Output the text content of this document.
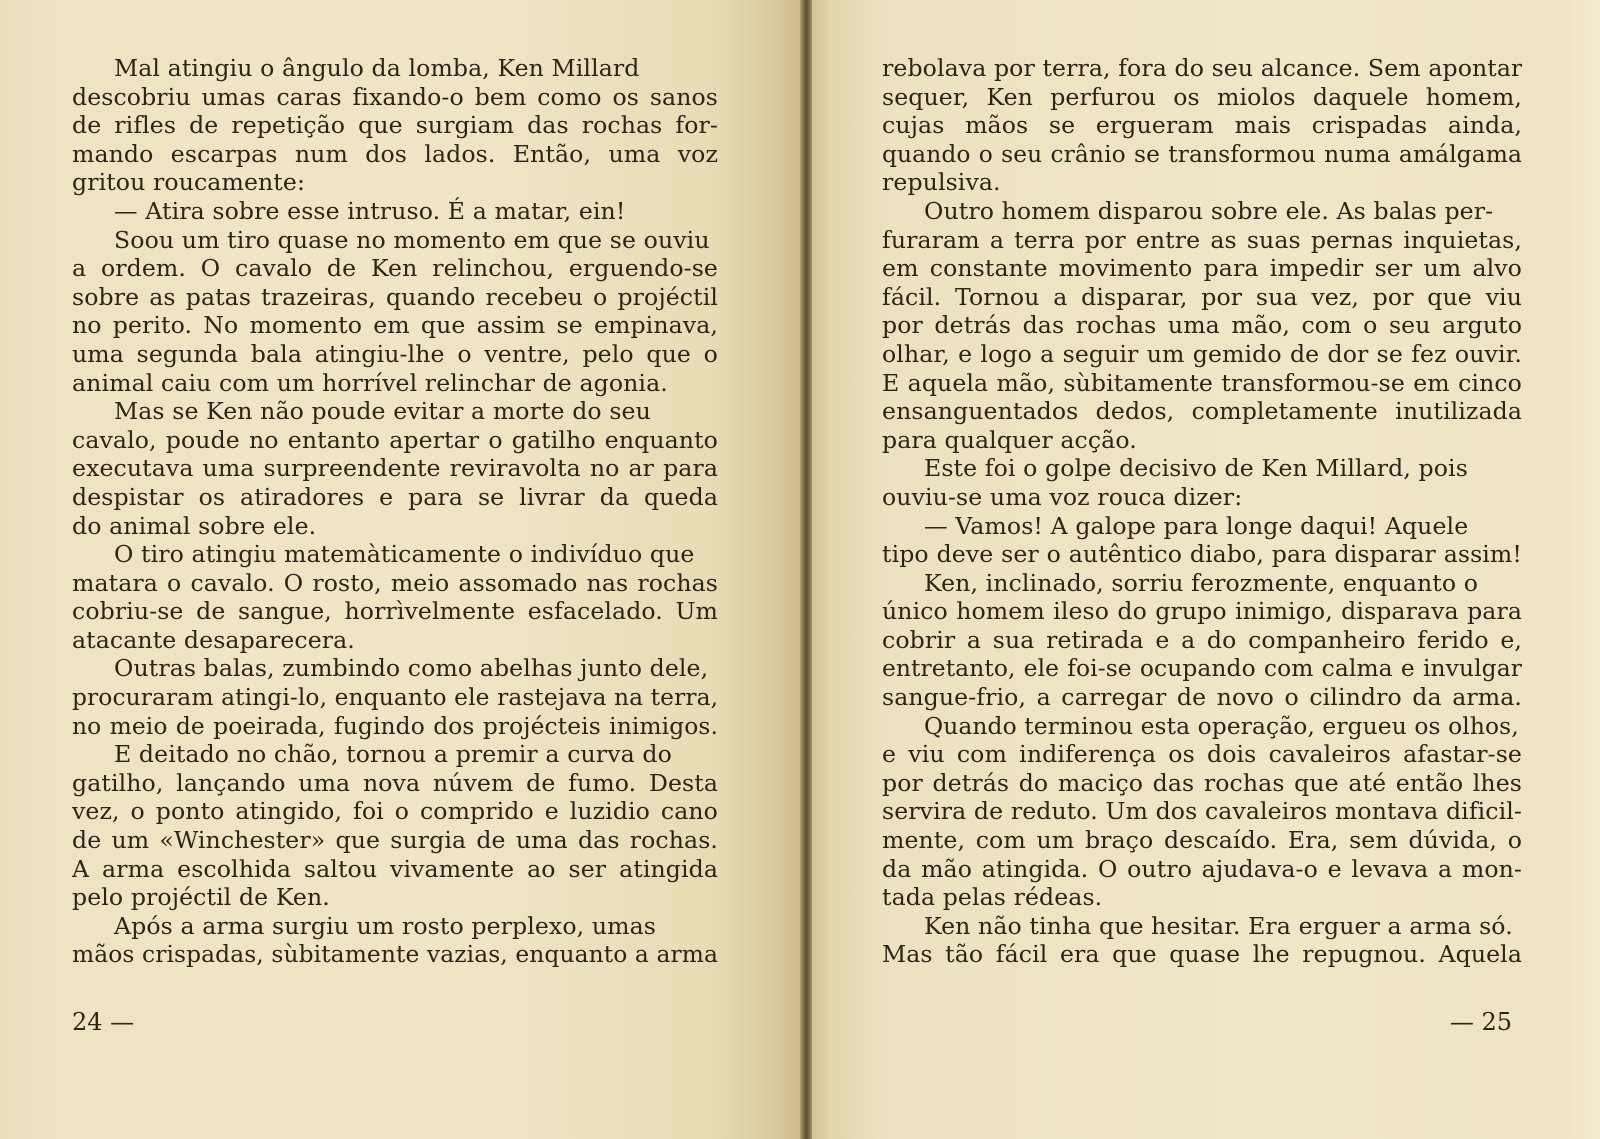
Mal atingiu o ângulo da lomba, Ken Millard
descobriu umas caras fixando-o bem como os sanos
de rifles de repetição que surgiam das rochas for-
mando escarpas num dos lados. Então, uma voz
gritou roucamente:
— Atira sobre esse intruso. É a matar, ein!
Soou um tiro quase no momento em que se ouviu
a ordem. O cavalo de Ken relinchou, erguendo-se
sobre as patas trazeiras, quando recebeu o projéctil
no perito. No momento em que assim se empinava,
uma segunda bala atingiu-lhe o ventre, pelo que o
animal caiu com um horrível relinchar de agonia.
Mas se Ken não poude evitar a morte do seu
cavalo, poude no entanto apertar o gatilho enquanto
executava uma surpreendente reviravolta no ar para
despistar os atiradores e para se livrar da queda
do animal sobre ele.
O tiro atingiu matemàticamente o indivíduo que
matara o cavalo. O rosto, meio assomado nas rochas
cobriu-se de sangue, horrìvelmente esfacelado. Um
atacante desaparecera.
Outras balas, zumbindo como abelhas junto dele,
procuraram atingi-lo, enquanto ele rastejava na terra,
no meio de poeirada, fugindo dos projécteis inimigos.
E deitado no chão, tornou a premir a curva do
gatilho, lançando uma nova núvem de fumo. Desta
vez, o ponto atingido, foi o comprido e luzidio cano
de um «Winchester» que surgia de uma das rochas.
A arma escolhida saltou vivamente ao ser atingida
pelo projéctil de Ken.
Após a arma surgiu um rosto perplexo, umas
mãos crispadas, sùbitamente vazias, enquanto a arma
24 —
rebolava por terra, fora do seu alcance. Sem apontar
sequer, Ken perfurou os miolos daquele homem,
cujas mãos se ergueram mais crispadas ainda,
quando o seu crânio se transformou numa amálgama
repulsiva.
Outro homem disparou sobre ele. As balas per-
furaram a terra por entre as suas pernas inquietas,
em constante movimento para impedir ser um alvo
fácil. Tornou a disparar, por sua vez, por que viu
por detrás das rochas uma mão, com o seu arguto
olhar, e logo a seguir um gemido de dor se fez ouvir.
E aquela mão, sùbitamente transformou-se em cinco
ensanguentados dedos, completamente inutilizada
para qualquer acção.
Este foi o golpe decisivo de Ken Millard, pois
ouviu-se uma voz rouca dizer:
— Vamos! A galope para longe daqui! Aquele
tipo deve ser o autêntico diabo, para disparar assim!
Ken, inclinado, sorriu ferozmente, enquanto o
único homem ileso do grupo inimigo, disparava para
cobrir a sua retirada e a do companheiro ferido e,
entretanto, ele foi-se ocupando com calma e invulgar
sangue-frio, a carregar de novo o cilindro da arma.
Quando terminou esta operação, ergueu os olhos,
e viu com indiferença os dois cavaleiros afastar-se
por detrás do maciço das rochas que até então lhes
servira de reduto. Um dos cavaleiros montava dificil-
mente, com um braço descaído. Era, sem dúvida, o
da mão atingida. O outro ajudava-o e levava a mon-
tada pelas rédeas.
Ken não tinha que hesitar. Era erguer a arma só.
Mas tão fácil era que quase lhe repugnou. Aquela
— 25
